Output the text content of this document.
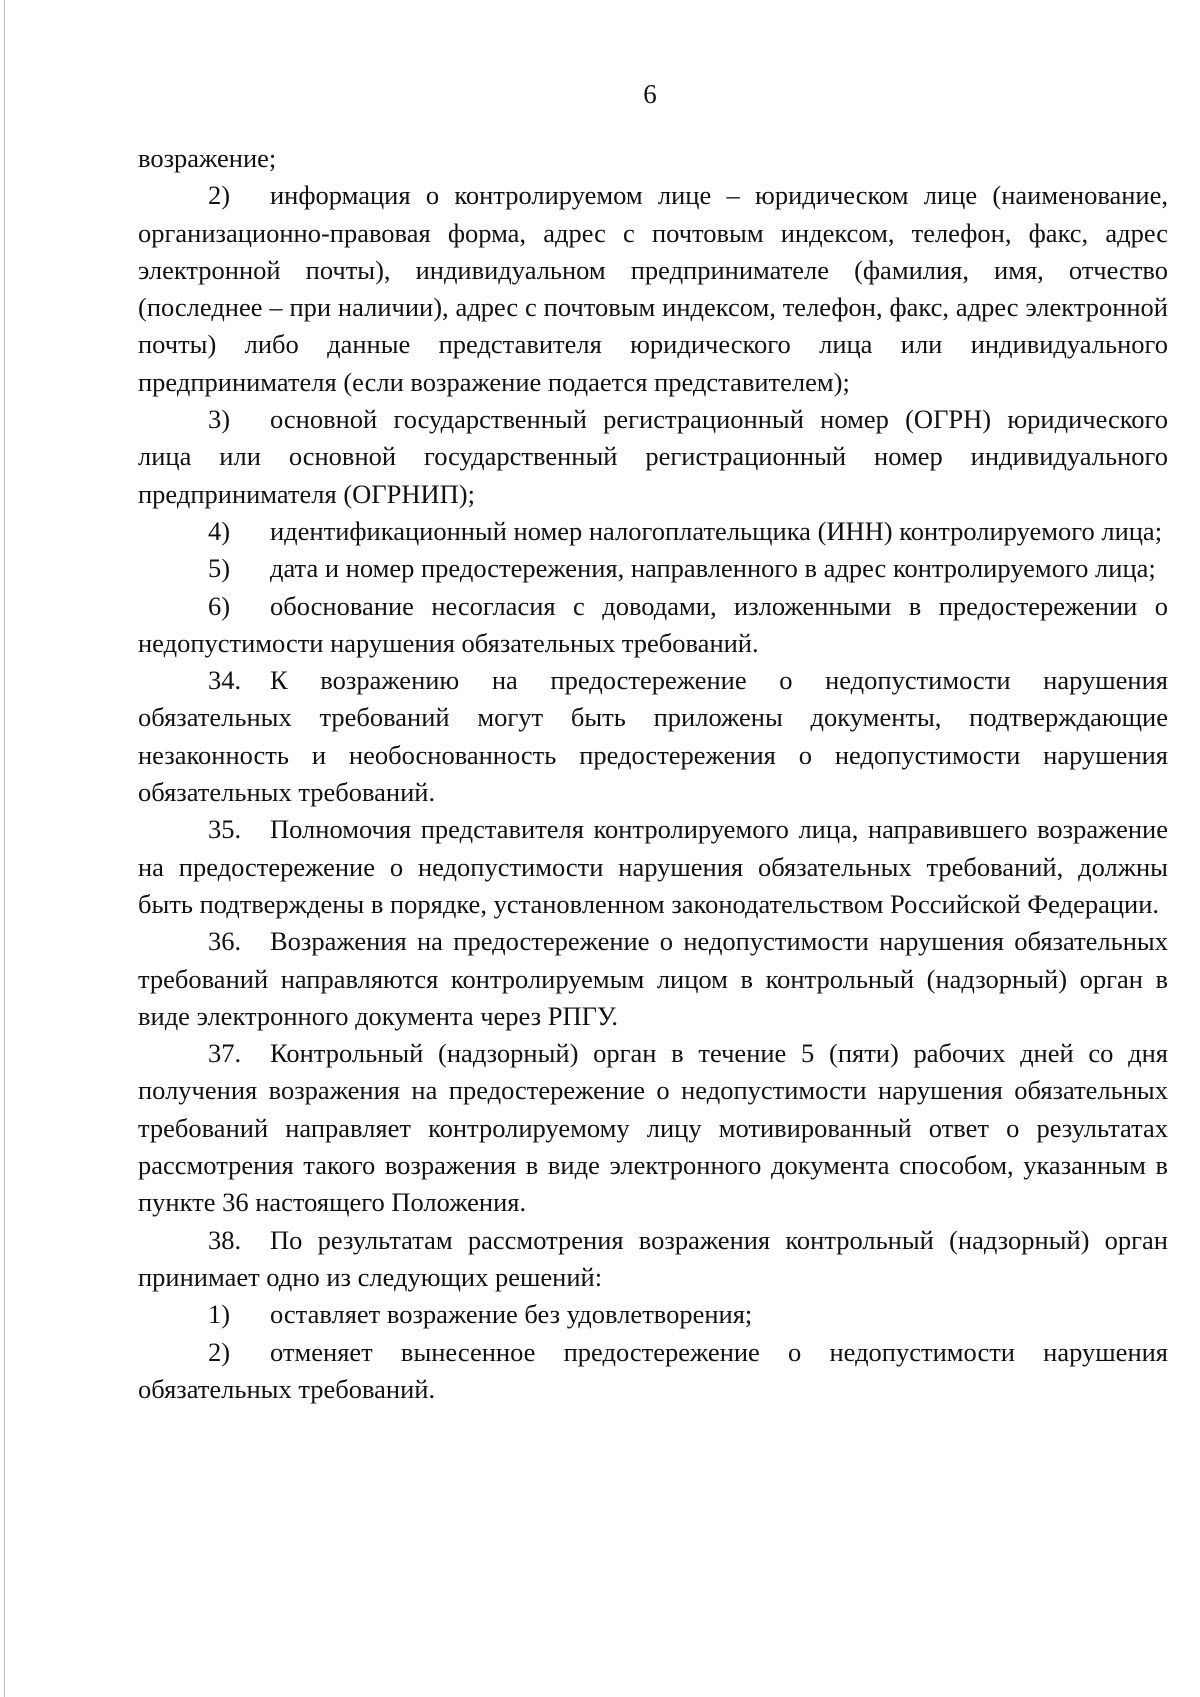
6

возражение;

2) информация о контролируемом лице – юридическом лице (наименование, организационно-правовая форма, адрес с почтовым индексом, телефон, факс, адрес электронной почты), индивидуальном предпринимателе (фамилия, имя, отчество (последнее – при наличии), адрес с почтовым индексом, телефон, факс, адрес электронной почты) либо данные представителя юридического лица или индивидуального предпринимателя (если возражение подается представителем);

3) основной государственный регистрационный номер (ОГРН) юридического лица или основной государственный регистрационный номер индивидуального предпринимателя (ОГРНИП);

4) идентификационный номер налогоплательщика (ИНН) контролируемого лица;

5) дата и номер предостережения, направленного в адрес контролируемого лица;

6) обоснование несогласия с доводами, изложенными в предостережении о недопустимости нарушения обязательных требований.

34. К возражению на предостережение о недопустимости нарушения обязательных требований могут быть приложены документы, подтверждающие незаконность и необоснованность предостережения о недопустимости нарушения обязательных требований.

35. Полномочия представителя контролируемого лица, направившего возражение на предостережение о недопустимости нарушения обязательных требований, должны быть подтверждены в порядке, установленном законодательством Российской Федерации.

36. Возражения на предостережение о недопустимости нарушения обязательных требований направляются контролируемым лицом в контрольный (надзорный) орган в виде электронного документа через РПГУ.

37. Контрольный (надзорный) орган в течение 5 (пяти) рабочих дней со дня получения возражения на предостережение о недопустимости нарушения обязательных требований направляет контролируемому лицу мотивированный ответ о результатах рассмотрения такого возражения в виде электронного документа способом, указанным в пункте 36 настоящего Положения.

38. По результатам рассмотрения возражения контрольный (надзорный) орган принимает одно из следующих решений:

1) оставляет возражение без удовлетворения;

2) отменяет вынесенное предостережение о недопустимости нарушения обязательных требований.
